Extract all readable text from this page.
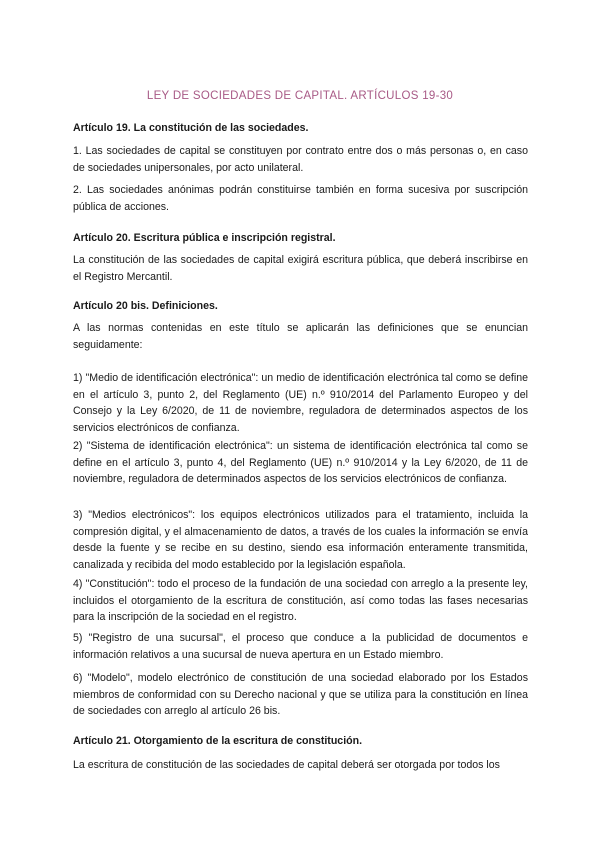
LEY DE SOCIEDADES DE CAPITAL. ARTÍCULOS 19-30
Artículo 19. La constitución de las sociedades.
1. Las sociedades de capital se constituyen por contrato entre dos o más personas o, en caso de sociedades unipersonales, por acto unilateral.
2. Las sociedades anónimas podrán constituirse también en forma sucesiva por suscripción pública de acciones.
Artículo 20. Escritura pública e inscripción registral.
La constitución de las sociedades de capital exigirá escritura pública, que deberá inscribirse en el Registro Mercantil.
Artículo 20 bis. Definiciones.
A las normas contenidas en este título se aplicarán las definiciones que se enuncian seguidamente:
1) "Medio de identificación electrónica": un medio de identificación electrónica tal como se define en el artículo 3, punto 2, del Reglamento (UE) n.º 910/2014 del Parlamento Europeo y del Consejo y la Ley 6/2020, de 11 de noviembre, reguladora de determinados aspectos de los servicios electrónicos de confianza.
2) "Sistema de identificación electrónica": un sistema de identificación electrónica tal como se define en el artículo 3, punto 4, del Reglamento (UE) n.º 910/2014 y la Ley 6/2020, de 11 de noviembre, reguladora de determinados aspectos de los servicios electrónicos de confianza.
3) "Medios electrónicos": los equipos electrónicos utilizados para el tratamiento, incluida la compresión digital, y el almacenamiento de datos, a través de los cuales la información se envía desde la fuente y se recibe en su destino, siendo esa información enteramente transmitida, canalizada y recibida del modo establecido por la legislación española.
4) "Constitución": todo el proceso de la fundación de una sociedad con arreglo a la presente ley, incluidos el otorgamiento de la escritura de constitución, así como todas las fases necesarias para la inscripción de la sociedad en el registro.
5) "Registro de una sucursal", el proceso que conduce a la publicidad de documentos e información relativos a una sucursal de nueva apertura en un Estado miembro.
6) "Modelo", modelo electrónico de constitución de una sociedad elaborado por los Estados miembros de conformidad con su Derecho nacional y que se utiliza para la constitución en línea de sociedades con arreglo al artículo 26 bis.
Artículo 21. Otorgamiento de la escritura de constitución.
La escritura de constitución de las sociedades de capital deberá ser otorgada por todos los
